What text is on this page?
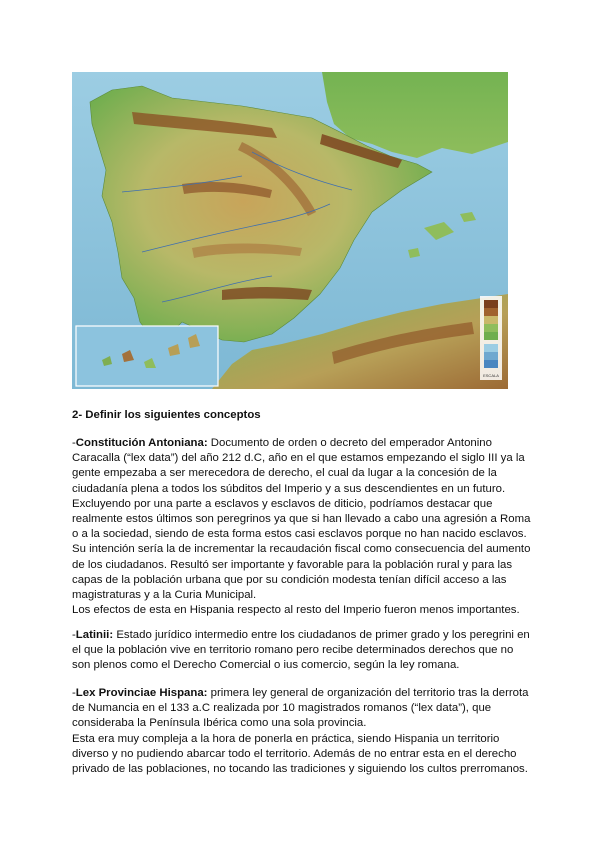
ESCALA
2- Definir los siguientes conceptos

-Constitución Antoniana: Documento de orden o decreto del emperador Antonino Caracalla (“lex data”) del año 212 d.C, año en el que estamos empezando el siglo III ya la gente empezaba a ser merecedora de derecho, el cual da lugar a la concesión de la ciudadanía plena a todos los súbditos del Imperio y a sus descendientes en un futuro. Excluyendo por una parte a esclavos y esclavos de diticio, podríamos destacar que realmente estos últimos son peregrinos ya que si han llevado a cabo una agresión a Roma o a la sociedad, siendo de esta forma estos casi esclavos porque no han nacido esclavos. Su intención sería la de incrementar la recaudación fiscal como consecuencia del aumento de los ciudadanos. Resultó ser importante y favorable para la población rural y para las capas de la población urbana que por su condición modesta tenían difícil acceso a las magistraturas y a la Curia Municipal.

Los efectos de esta en Hispania respecto al resto del Imperio fueron menos importantes.

-Latinii: Estado jurídico intermedio entre los ciudadanos de primer grado y los peregrini en el que la población vive en territorio romano pero recibe determinados derechos que no son plenos como el Derecho Comercial o ius comercio, según la ley romana.

-Lex Provinciae Hispana: primera ley general de organización del territorio tras la derrota de Numancia en el 133 a.C realizada por 10 magistrados romanos (“lex data”), que consideraba la Península Ibérica como una sola provincia.

Esta era muy compleja a la hora de ponerla en práctica, siendo Hispania un territorio diverso y no pudiendo abarcar todo el territorio. Además de no entrar esta en el derecho privado de las poblaciones, no tocando las tradiciones y siguiendo los cultos prerromanos.
